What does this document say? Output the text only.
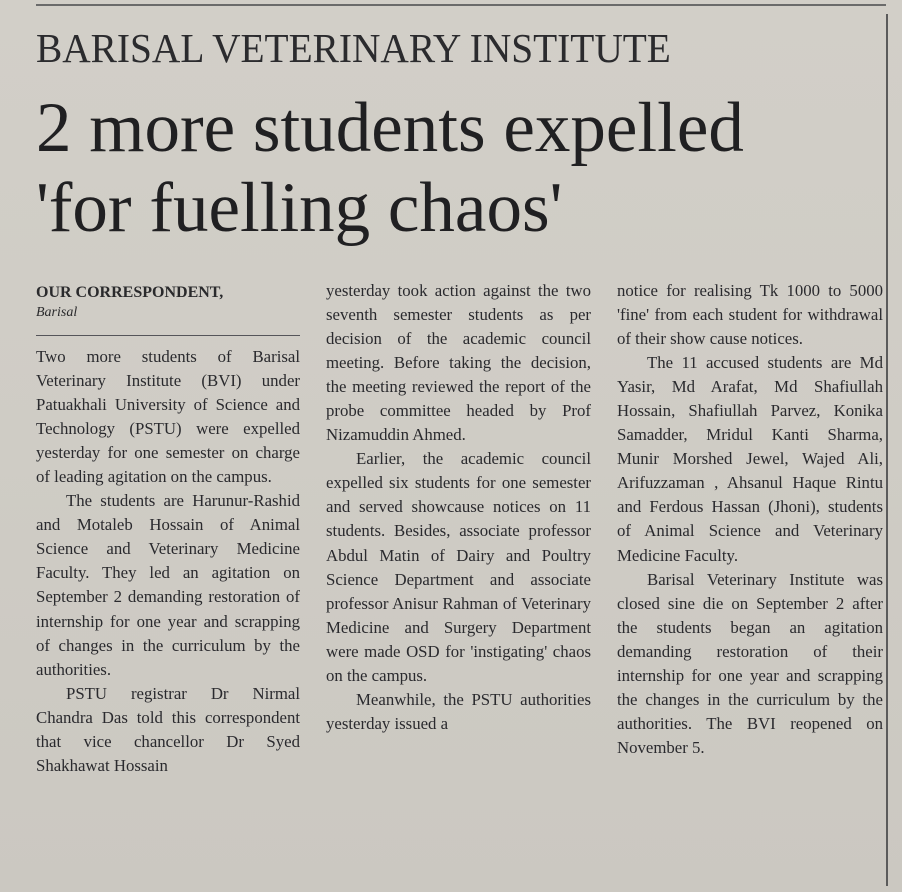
BARISAL VETERINARY INSTITUTE
2 more students expelled
'for fuelling chaos'
OUR CORRESPONDENT,
Barisal

Two more students of Barisal Veterinary Institute (BVI) under Patuakhali University of Science and Technology (PSTU) were expelled yesterday for one semester on charge of leading agitation on the campus.

The students are Harunur-Rashid and Motaleb Hossain of Animal Science and Veterinary Medicine Faculty. They led an agitation on September 2 demanding restoration of internship for one year and scrapping of changes in the curriculum by the authorities.

PSTU registrar Dr Nirmal Chandra Das told this correspondent that vice chancellor Dr Syed Shakhawat Hossain

yesterday took action against the two seventh semester students as per decision of the academic council meeting. Before taking the decision, the meeting reviewed the report of the probe committee headed by Prof Nizamuddin Ahmed.

Earlier, the academic council expelled six students for one semester and served showcause notices on 11 students. Besides, associate professor Abdul Matin of Dairy and Poultry Science Department and associate professor Anisur Rahman of Veterinary Medicine and Surgery Department were made OSD for 'instigating' chaos on the campus.

Meanwhile, the PSTU authorities yesterday issued a

notice for realising Tk 1000 to 5000 'fine' from each student for withdrawal of their show cause notices.

The 11 accused students are Md Yasir, Md Arafat, Md Shafiullah Hossain, Shafiullah Parvez, Konika Samadder, Mridul Kanti Sharma, Munir Morshed Jewel, Wajed Ali, Arifuzzaman , Ahsanul Haque Rintu and Ferdous Hassan (Jhoni), students of Animal Science and Veterinary Medicine Faculty.

Barisal Veterinary Institute was closed sine die on September 2 after the students began an agitation demanding restoration of their internship for one year and scrapping the changes in the curriculum by the authorities. The BVI reopened on November 5.
